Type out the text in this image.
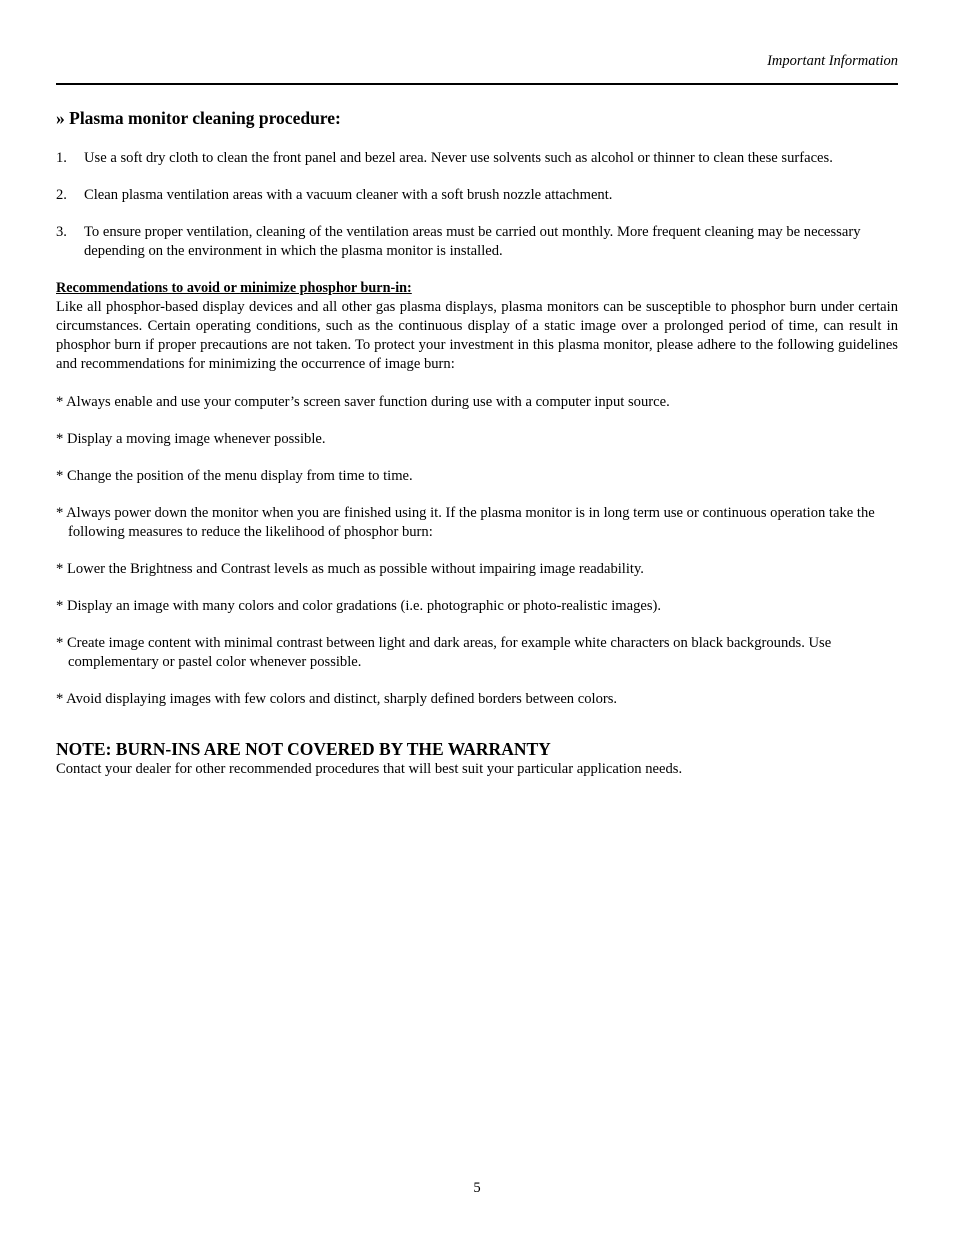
Important Information
» Plasma monitor cleaning procedure:
1. Use a soft dry cloth to clean the front panel and bezel area. Never use solvents such as alcohol or thinner to clean these surfaces.
2. Clean plasma ventilation areas with a vacuum cleaner with a soft brush nozzle attachment.
3. To ensure proper ventilation, cleaning of the ventilation areas must be carried out monthly. More frequent cleaning may be necessary depending on the environment in which the plasma monitor is installed.
Recommendations to avoid or minimize phosphor burn-in:

Like all phosphor-based display devices and all other gas plasma displays, plasma monitors can be susceptible to phosphor burn under certain circumstances. Certain operating conditions, such as the continuous display of a static image over a prolonged period of time, can result in phosphor burn if proper precautions are not taken. To protect your investment in this plasma monitor, please adhere to the following guidelines and recommendations for minimizing the occurrence of image burn:

* Always enable and use your computer’s screen saver function during use with a computer input source.
* Display a moving image whenever possible.
* Change the position of the menu display from time to time.
* Always power down the monitor when you are finished using it. If the plasma monitor is in long term use or continuous operation take the following measures to reduce the likelihood of phosphor burn:
* Lower the Brightness and Contrast levels as much as possible without impairing image readability.
* Display an image with many colors and color gradations (i.e. photographic or photo-realistic images).
* Create image content with minimal contrast between light and dark areas, for example white characters on black backgrounds. Use complementary or pastel color whenever possible.
* Avoid displaying images with few colors and distinct, sharply defined borders between colors.
NOTE: BURN-INS ARE NOT COVERED BY THE WARRANTY

Contact your dealer for other recommended procedures that will best suit your particular application needs.

5
